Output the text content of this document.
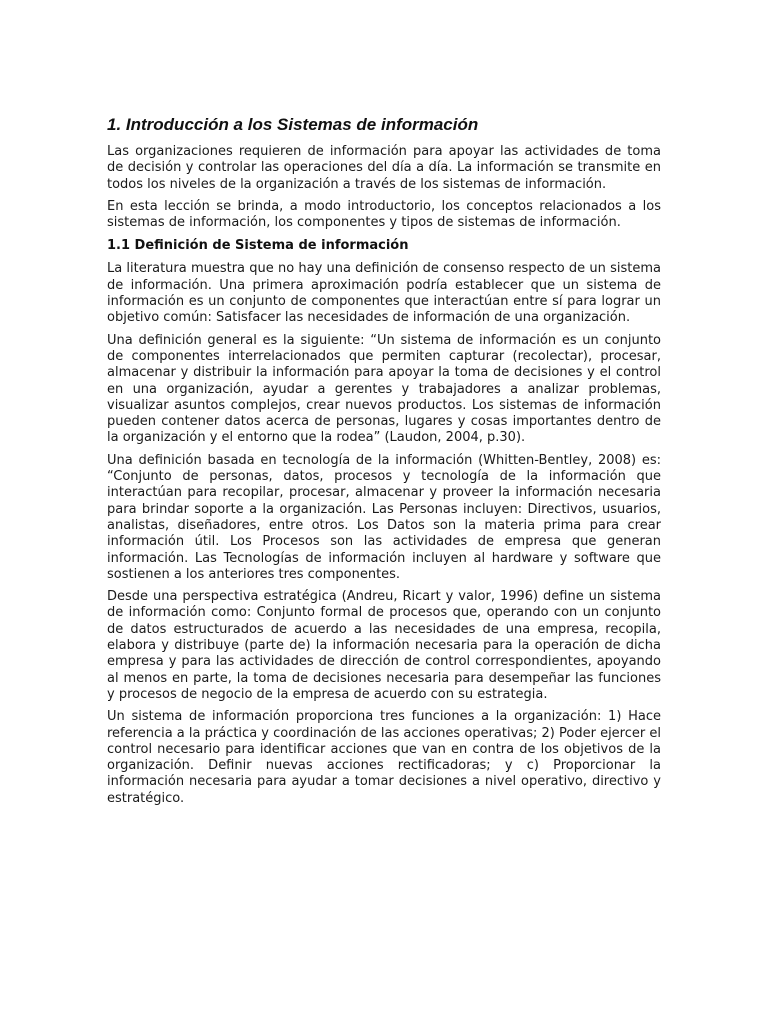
1. Introducción a los Sistemas de información

Las organizaciones requieren de información para apoyar las actividades de toma de decisión y controlar las operaciones del día a día. La información se transmite en todos los niveles de la organización a través de los sistemas de información.

En esta lección se brinda, a modo introductorio, los conceptos relacionados a los sistemas de información, los componentes y tipos de sistemas de información.

1.1 Definición de Sistema de información

La literatura muestra que no hay una definición de consenso respecto de un sistema de información. Una primera aproximación podría establecer que un sistema de información es un conjunto de componentes que interactúan entre sí para lograr un objetivo común: Satisfacer las necesidades de información de una organización.

Una definición general es la siguiente: “Un sistema de información es un conjunto de componentes interrelacionados que permiten capturar (recolectar), procesar, almacenar y distribuir la información para apoyar la toma de decisiones y el control en una organización, ayudar a gerentes y trabajadores a analizar problemas, visualizar asuntos complejos, crear nuevos productos. Los sistemas de información pueden contener datos acerca de personas, lugares y cosas importantes dentro de la organización y el entorno que la rodea” (Laudon, 2004, p.30).

Una definición basada en tecnología de la información (Whitten-Bentley, 2008) es: “Conjunto de personas, datos, procesos y tecnología de la información que interactúan para recopilar, procesar, almacenar y proveer la información necesaria para brindar soporte a la organización. Las Personas incluyen: Directivos, usuarios, analistas, diseñadores, entre otros. Los Datos son la materia prima para crear información útil. Los Procesos son las actividades de empresa que generan información. Las Tecnologías de información incluyen al hardware y software que sostienen a los anteriores tres componentes.

Desde una perspectiva estratégica (Andreu, Ricart y valor, 1996) define un sistema de información como: Conjunto formal de procesos que, operando con un conjunto de datos estructurados de acuerdo a las necesidades de una empresa, recopila, elabora y distribuye (parte de) la información necesaria para la operación de dicha empresa y para las actividades de dirección de control correspondientes, apoyando al menos en parte, la toma de decisiones necesaria para desempeñar las funciones y procesos de negocio de la empresa de acuerdo con su estrategia.

Un sistema de información proporciona tres funciones a la organización: 1) Hace referencia a la práctica y coordinación de las acciones operativas; 2) Poder ejercer el control necesario para identificar acciones que van en contra de los objetivos de la organización. Definir nuevas acciones rectificadoras; y c) Proporcionar la información necesaria para ayudar a tomar decisiones a nivel operativo, directivo y estratégico.
